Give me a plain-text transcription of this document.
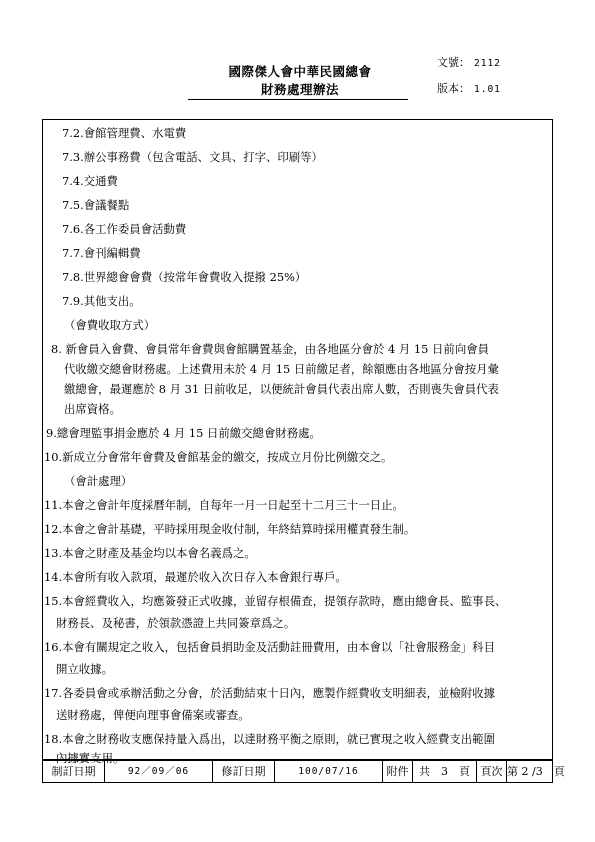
國際傑人會中華民國總會
財務處理辦法
文號： 2112
版本： 1.01
7.2.會館管理費、水電費
7.3.辦公事務費（包含電話、文具、打字、印刷等）
7.4.交通費
7.5.會議餐點
7.6.各工作委員會活動費
7.7.會刊編輯費
7.8.世界總會會費（按常年會費收入提撥 25%）
7.9.其他支出。
（會費收取方式）
8. 新會員入會費、會員常年會費與會館購置基金，由各地區分會於 4 月 15 日前向會員
代收繳交總會財務處。上述費用未於 4 月 15 日前繳足者，餘額應由各地區分會按月彙
繳總會，最遲應於 8 月 31 日前收足，以便統計會員代表出席人數，否則喪失會員代表
出席資格。
9.總會理監事捐金應於 4 月 15 日前繳交總會財務處。
10.新成立分會常年會費及會館基金的繳交，按成立月份比例繳交之。
（會計處理）
11.本會之會計年度採曆年制，自每年一月一日起至十二月三十一日止。
12.本會之會計基礎，平時採用現金收付制，年終結算時採用權責發生制。
13.本會之財產及基金均以本會名義爲之。
14.本會所有收入款項，最遲於收入次日存入本會銀行專戶。
15.本會經費收入，均應簽發正式收據，並留存根備查，提領存款時，應由總會長、監事長、
財務長、及秘書，於領款憑證上共同簽章爲之。
16.本會有關規定之收入，包括會員捐助金及活動註冊費用，由本會以「社會服務金」科目
開立收據。
17.各委員會或承辦活動之分會，於活動結束十日內，應製作經費收支明細表，並檢附收據
送財務處，俾便向理事會備案或審查。
18.本會之財務收支應保持量入爲出，以達財務平衡之原則，就已實現之收入經費支出範圍
內據實支用。
制訂日期	92／09／06	修訂日期	100/07/16	附件 共　3　頁 頁次 第 2 /3　頁
